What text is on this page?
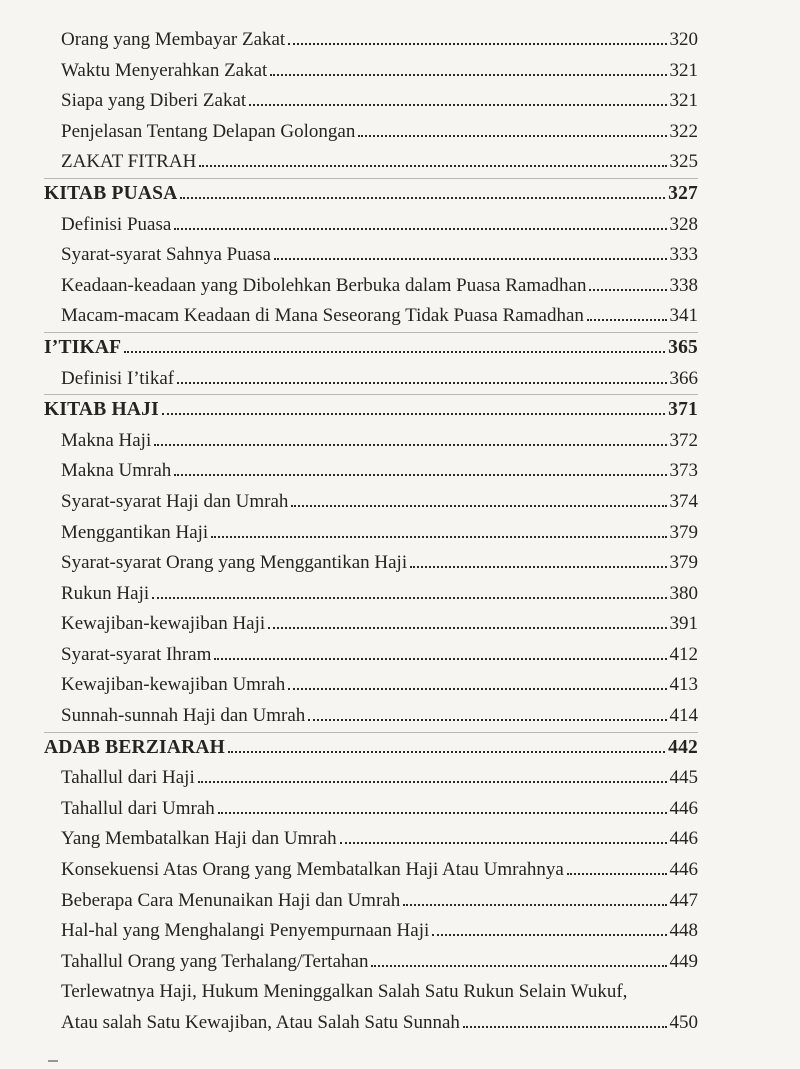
Orang yang Membayar Zakat	320
Waktu Menyerahkan Zakat	321
Siapa yang Diberi Zakat	321
Penjelasan Tentang Delapan Golongan	322
ZAKAT FITRAH	325
KITAB PUASA	327
Definisi Puasa	328
Syarat-syarat Sahnya Puasa	333
Keadaan-keadaan yang Dibolehkan Berbuka dalam Puasa Ramadhan	338
Macam-macam Keadaan di Mana Seseorang Tidak Puasa Ramadhan	341
I’TIKAF	365
Definisi I’tikaf	366
KITAB HAJI	371
Makna Haji	372
Makna Umrah	373
Syarat-syarat Haji dan Umrah	374
Menggantikan Haji	379
Syarat-syarat Orang yang Menggantikan Haji	379
Rukun Haji	380
Kewajiban-kewajiban Haji	391
Syarat-syarat Ihram	412
Kewajiban-kewajiban Umrah	413
Sunnah-sunnah Haji dan Umrah	414
ADAB BERZIARAH	442
Tahallul dari Haji	445
Tahallul dari Umrah	446
Yang Membatalkan Haji dan Umrah	446
Konsekuensi Atas Orang yang Membatalkan Haji Atau Umrahnya	446
Beberapa Cara Menunaikan Haji dan Umrah	447
Hal-hal yang Menghalangi Penyempurnaan Haji	448
Tahallul Orang yang Terhalang/Tertahan	449
Terlewatnya Haji, Hukum Meninggalkan Salah Satu Rukun Selain Wukuf,
Atau salah Satu Kewajiban, Atau Salah Satu Sunnah	450
